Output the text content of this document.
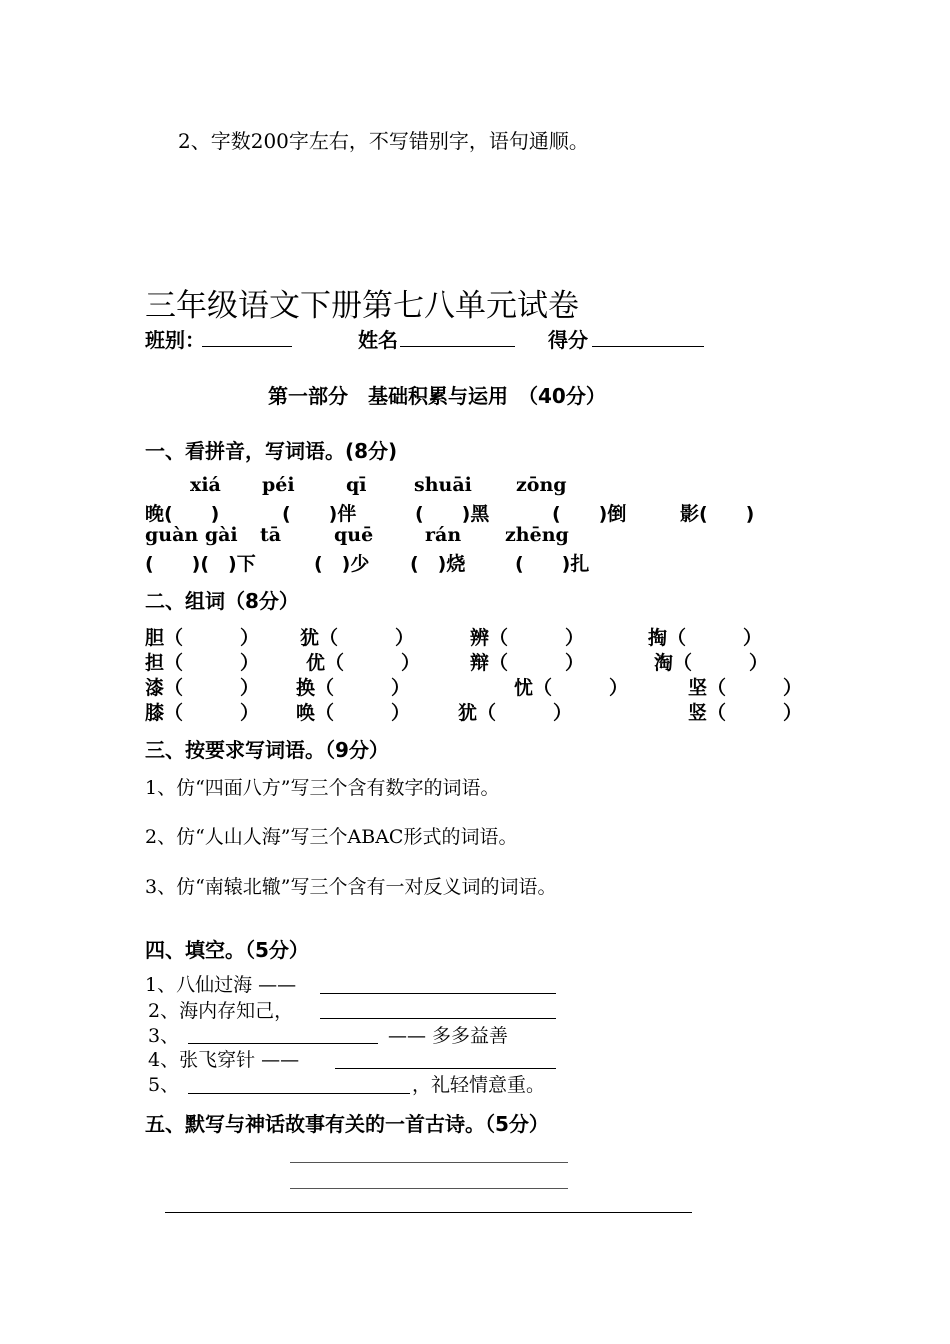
2、字数200字左右，不写错别字，语句通顺。
三年级语文下册第七八单元试卷
班别：	姓名	得分
第一部分　基础积累与运用　（40分）
一、看拼音，写词语。(8分)
xiá péi	qī shuāi zōng
晚(　　)	(　　)伴	(　　)黑	(　　)倒	影(　　)
guàn gài tā	quē	rán zhēng
(　　)(　)下	(　)少 (　)烧	(　　)扎
二、组词（8分）
胆（　　　） 犹（　　　）	辨（　　　）	掏（　　　）
担（　　　） 优（　　　）	辩（　　　）	淘（　　　）
漆（　　　） 换（　　　）	忧（　　　）	坚（　　　）
膝（　　　） 唤（　　　）	犹（　　　）	竖（　　　）
三、按要求写词语。（9分）
1、仿“四面八方”写三个含有数字的词语。
2、仿“人山人海”写三个ABAC形式的词语。
3、仿“南辕北辙”写三个含有一对反义词的词语。
四、填空。（5分）
1、八仙过海 ——
2、海内存知己，
3、	—— 多多益善
4、张飞穿针 ——
5、	，礼轻情意重。
五、默写与神话故事有关的一首古诗。（5分）
